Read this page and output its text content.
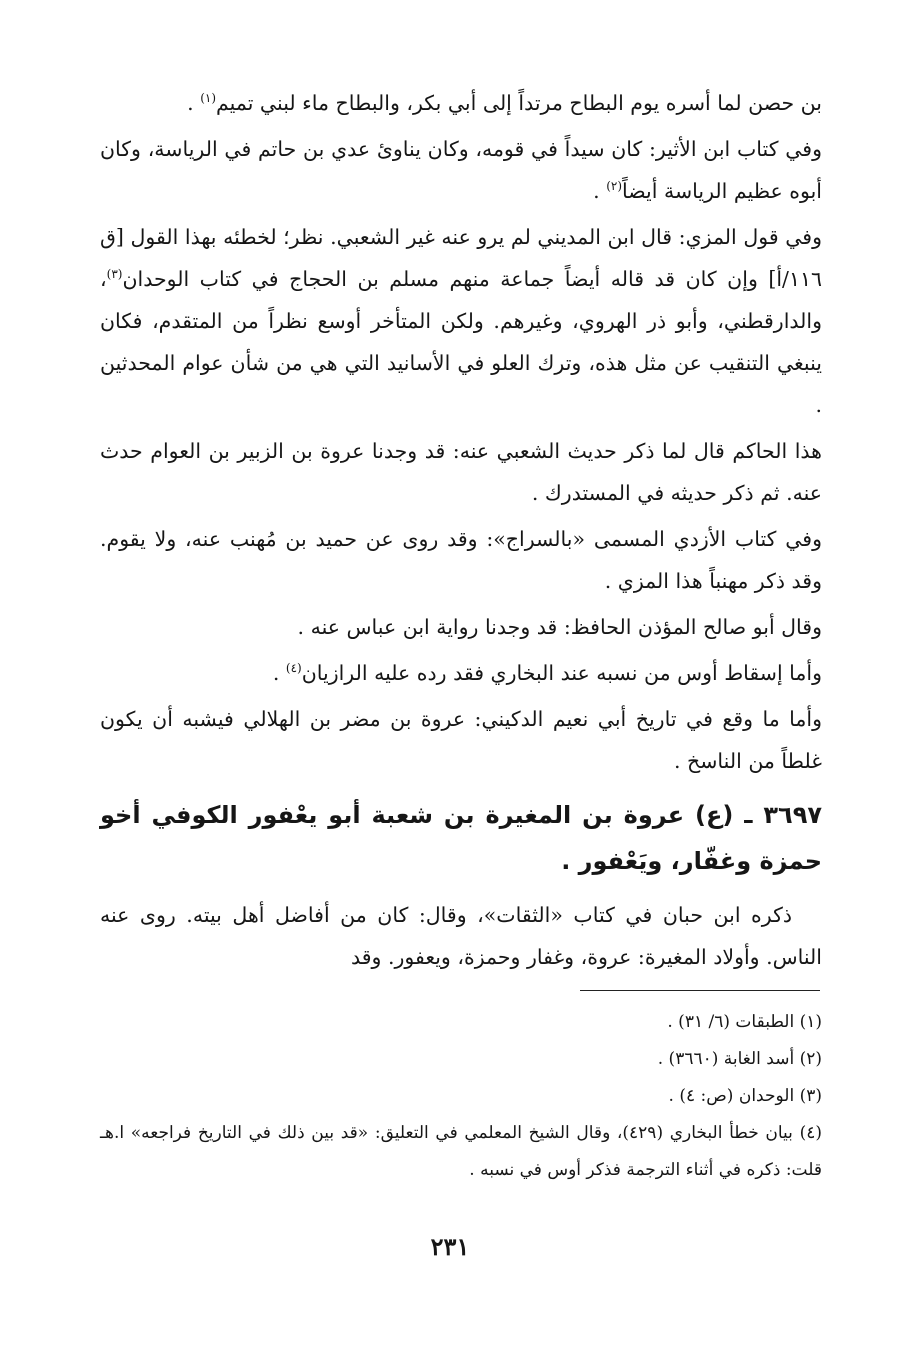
بن حصن لما أسره يوم البطاح مرتداً إلى أبي بكر، والبطاح ماء لبني تميم$^{(١)}$ .

وفي كتاب ابن الأثير: كان سيداً في قومه، وكان يناوئ عدي بن حاتم في الرياسة، وكان أبوه عظيم الرياسة أيضاً$^{(٢)}$ .

وفي قول المزي: قال ابن المديني لم يرو عنه غير الشعبي. نظر؛ لخطئه بهذا القول [ق ١١٦/أ] وإن كان قد قاله أيضاً جماعة منهم مسلم بن الحجاج في كتاب الوحدان$^{(٣)}$، والدارقطني، وأبو ذر الهروي، وغيرهم. ولكن المتأخر أوسع نظراً من المتقدم، فكان ينبغي التنقيب عن مثل هذه، وترك العلو في الأسانيد التي هي من شأن عوام المحدثين .

هذا الحاكم قال لما ذكر حديث الشعبي عنه: قد وجدنا عروة بن الزبير بن العوام حدث عنه. ثم ذكر حديثه في المستدرك .

وفي كتاب الأزدي المسمى «بالسراج»: وقد روى عن حميد بن مُهنب عنه، ولا يقوم. وقد ذكر مهنباً هذا المزي .

وقال أبو صالح المؤذن الحافظ: قد وجدنا رواية ابن عباس عنه .

وأما إسقاط أوس من نسبه عند البخاري فقد رده عليه الرازيان$^{(٤)}$ .

وأما ما وقع في تاريخ أبي نعيم الدكيني: عروة بن مضر بن الهلالي فيشبه أن يكون غلطاً من الناسخ .

٣٦٩٧ ـ (ع) عروة بن المغيرة بن شعبة أبو يعْفور الكوفي أخو حمزة وغفّار، ويَعْفور .

ذكره ابن حبان في كتاب «الثقات»، وقال: كان من أفاضل أهل بيته. روى عنه الناس. وأولاد المغيرة: عروة، وغفار وحمزة، ويعفور. وقد

(١) الطبقات (٦/ ٣١) .

(٢) أسد الغابة (٣٦٦٠) .

(٣) الوحدان (ص: ٤) .

(٤) بيان خطأ البخاري (٤٢٩)، وقال الشيخ المعلمي في التعليق: «قد بين ذلك في التاريخ فراجعه» ا.هـ قلت: ذكره في أثناء الترجمة فذكر أوس في نسبه .

٢٣١
